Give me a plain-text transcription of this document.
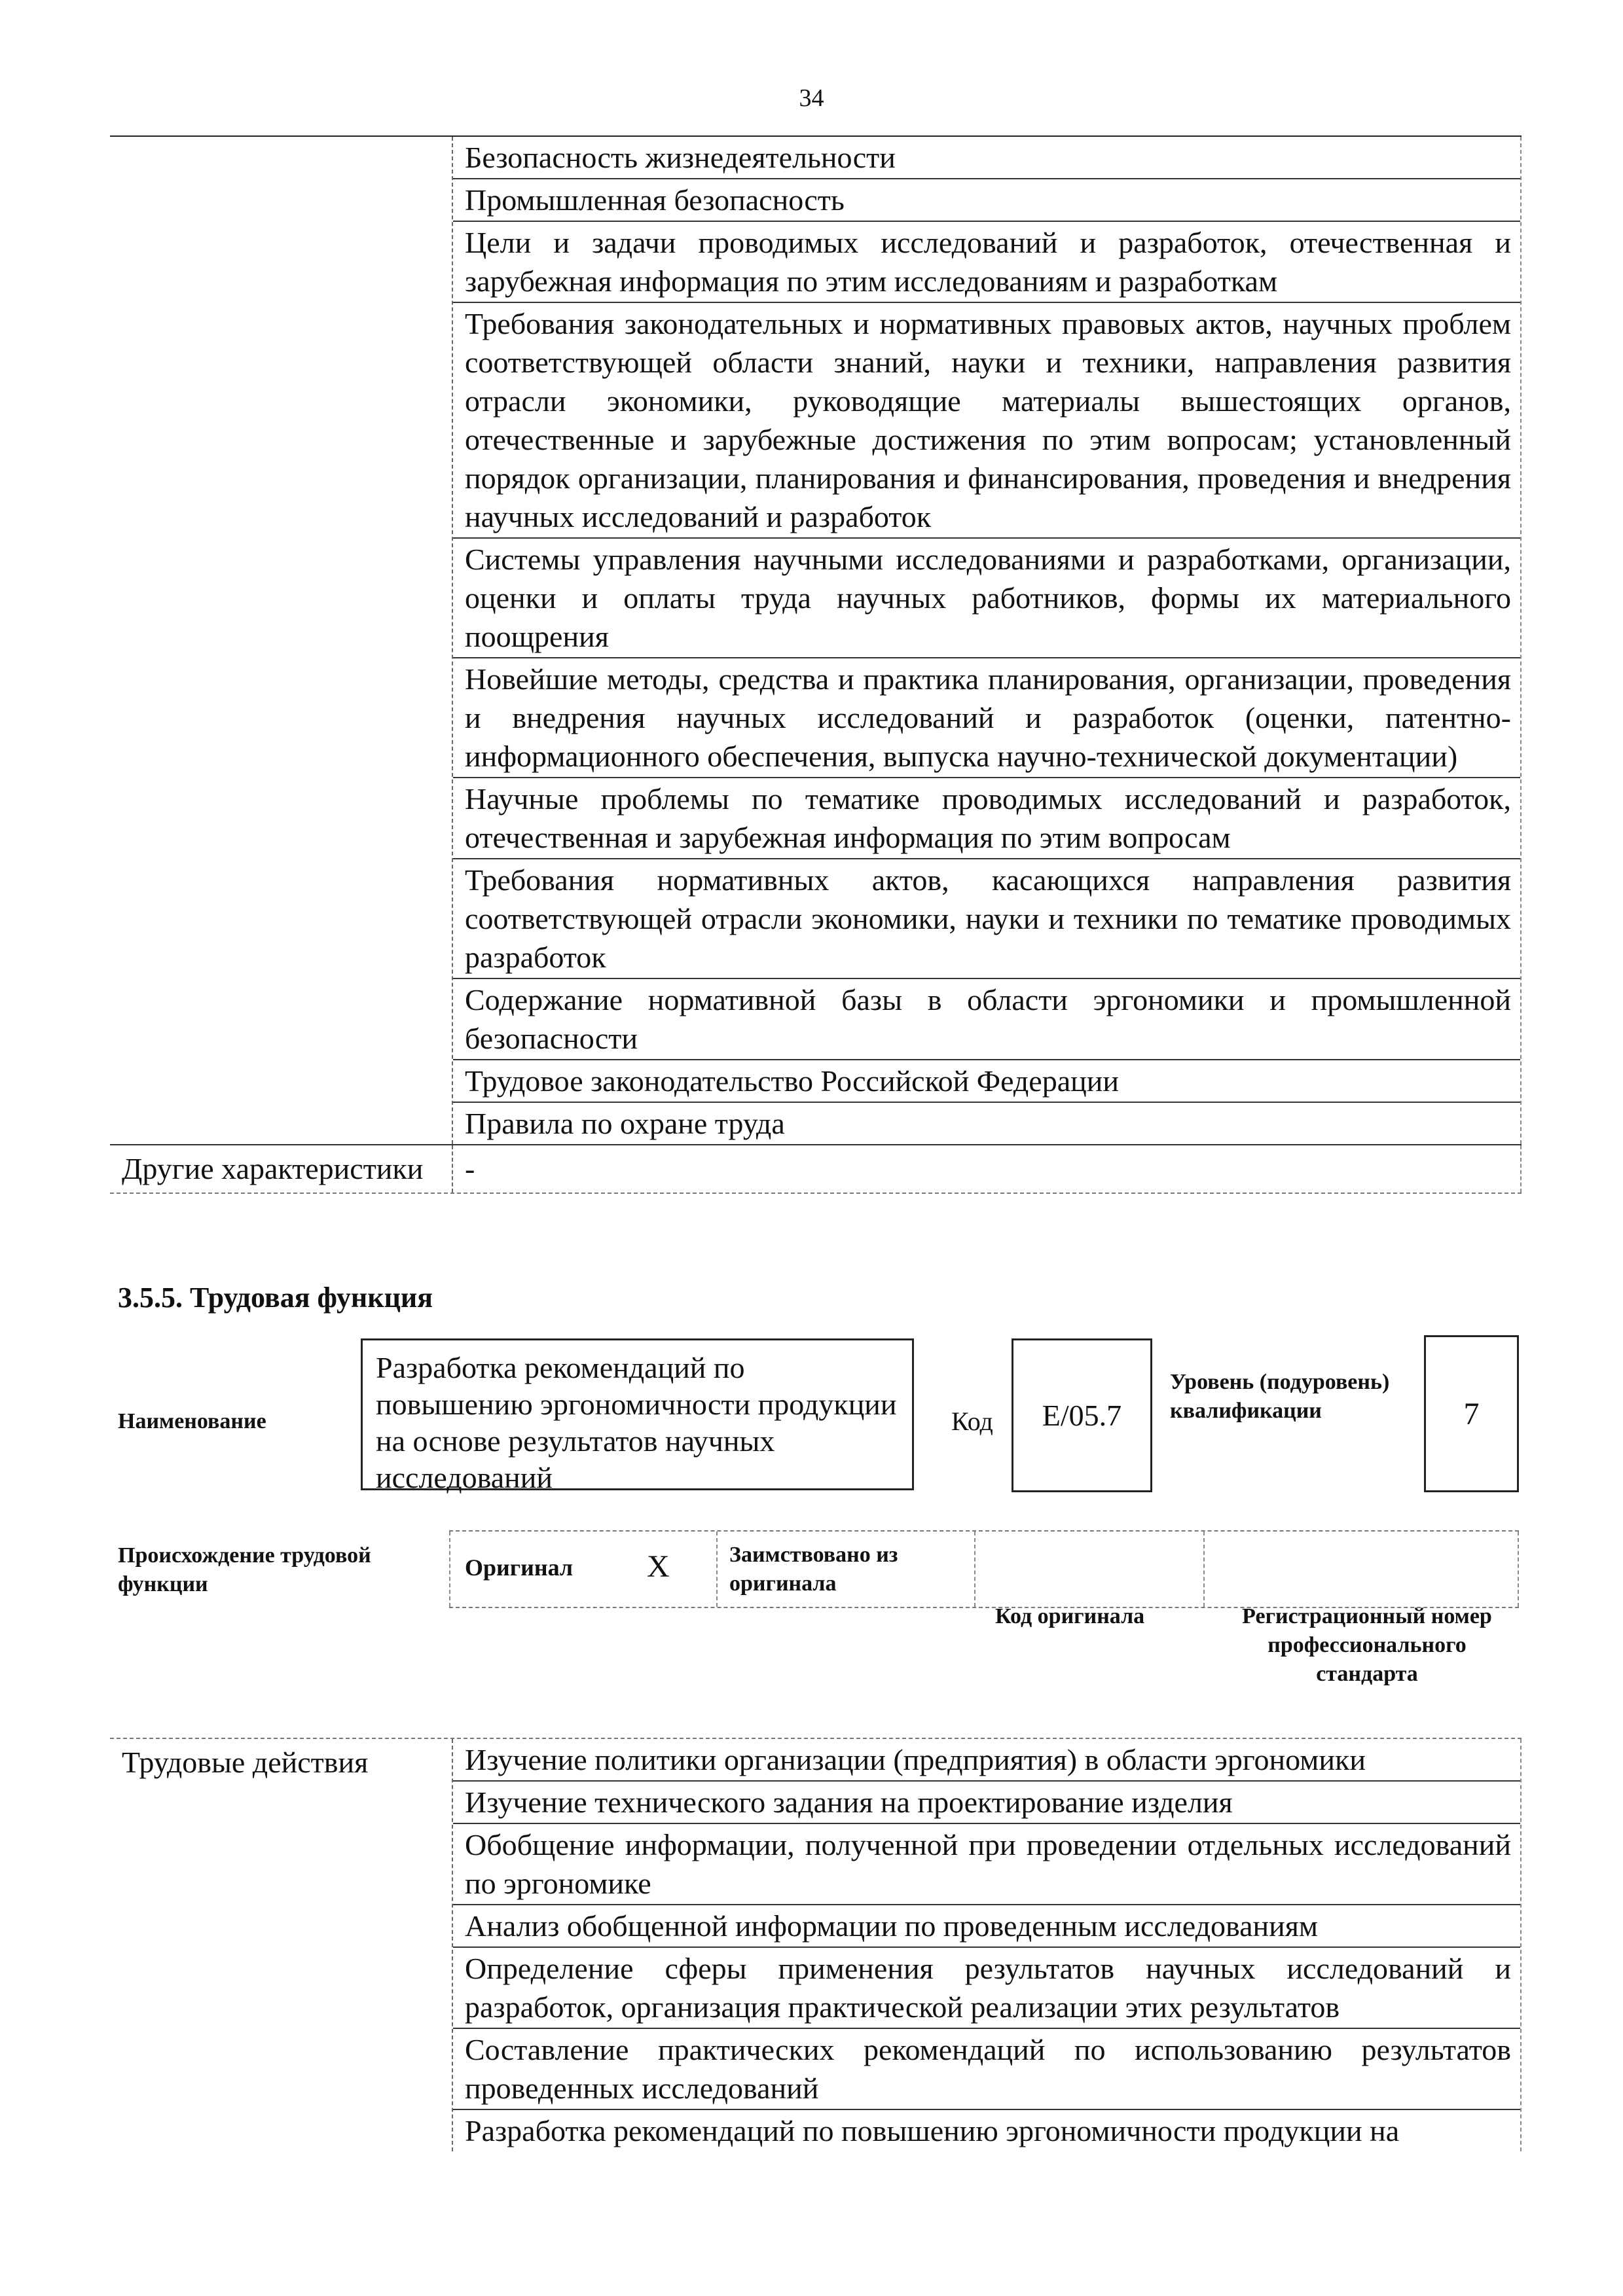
34
Безопасность жизнедеятельности
Промышленная безопасность
Цели и задачи проводимых исследований и разработок, отечественная и зарубежная информация по этим исследованиям и разработкам
Требования законодательных и нормативных правовых актов, научных проблем соответствующей области знаний, науки и техники, направления развития отрасли экономики, руководящие материалы вышестоящих органов, отечественные и зарубежные достижения по этим вопросам; установленный порядок организации, планирования и финансирования, проведения и внедрения научных исследований и разработок
Системы управления научными исследованиями и разработками, организации, оценки и оплаты труда научных работников, формы их материального поощрения
Новейшие методы, средства и практика планирования, организации, проведения и внедрения научных исследований и разработок (оценки, патентно-информационного обеспечения, выпуска научно-технической документации)
Научные проблемы по тематике проводимых исследований и разработок, отечественная и зарубежная информация по этим вопросам
Требования нормативных актов, касающихся направления развития соответствующей отрасли экономики, науки и техники по тематике проводимых разработок
Содержание нормативной базы в области эргономики и промышленной безопасности
Трудовое законодательство Российской Федерации
Правила по охране труда
Другие характеристики	-
3.5.5. Трудовая функция
Наименование
Разработка рекомендаций по повышению эргономичности продукции на основе результатов научных исследований
Код	E/05.7
Уровень (подуровень) квалификации	7
Происхождение трудовой функции
Оригинал X	Заимствовано из оригинала
Код оригинала	Регистрационный номер профессионального стандарта
Трудовые действия	Изучение политики организации (предприятия) в области эргономики
Изучение технического задания на проектирование изделия
Обобщение информации, полученной при проведении отдельных исследований по эргономике
Анализ обобщенной информации по проведенным исследованиям
Определение сферы применения результатов научных исследований и разработок, организация практической реализации этих результатов
Составление практических рекомендаций по использованию результатов проведенных исследований
Разработка рекомендаций по повышению эргономичности продукции на
